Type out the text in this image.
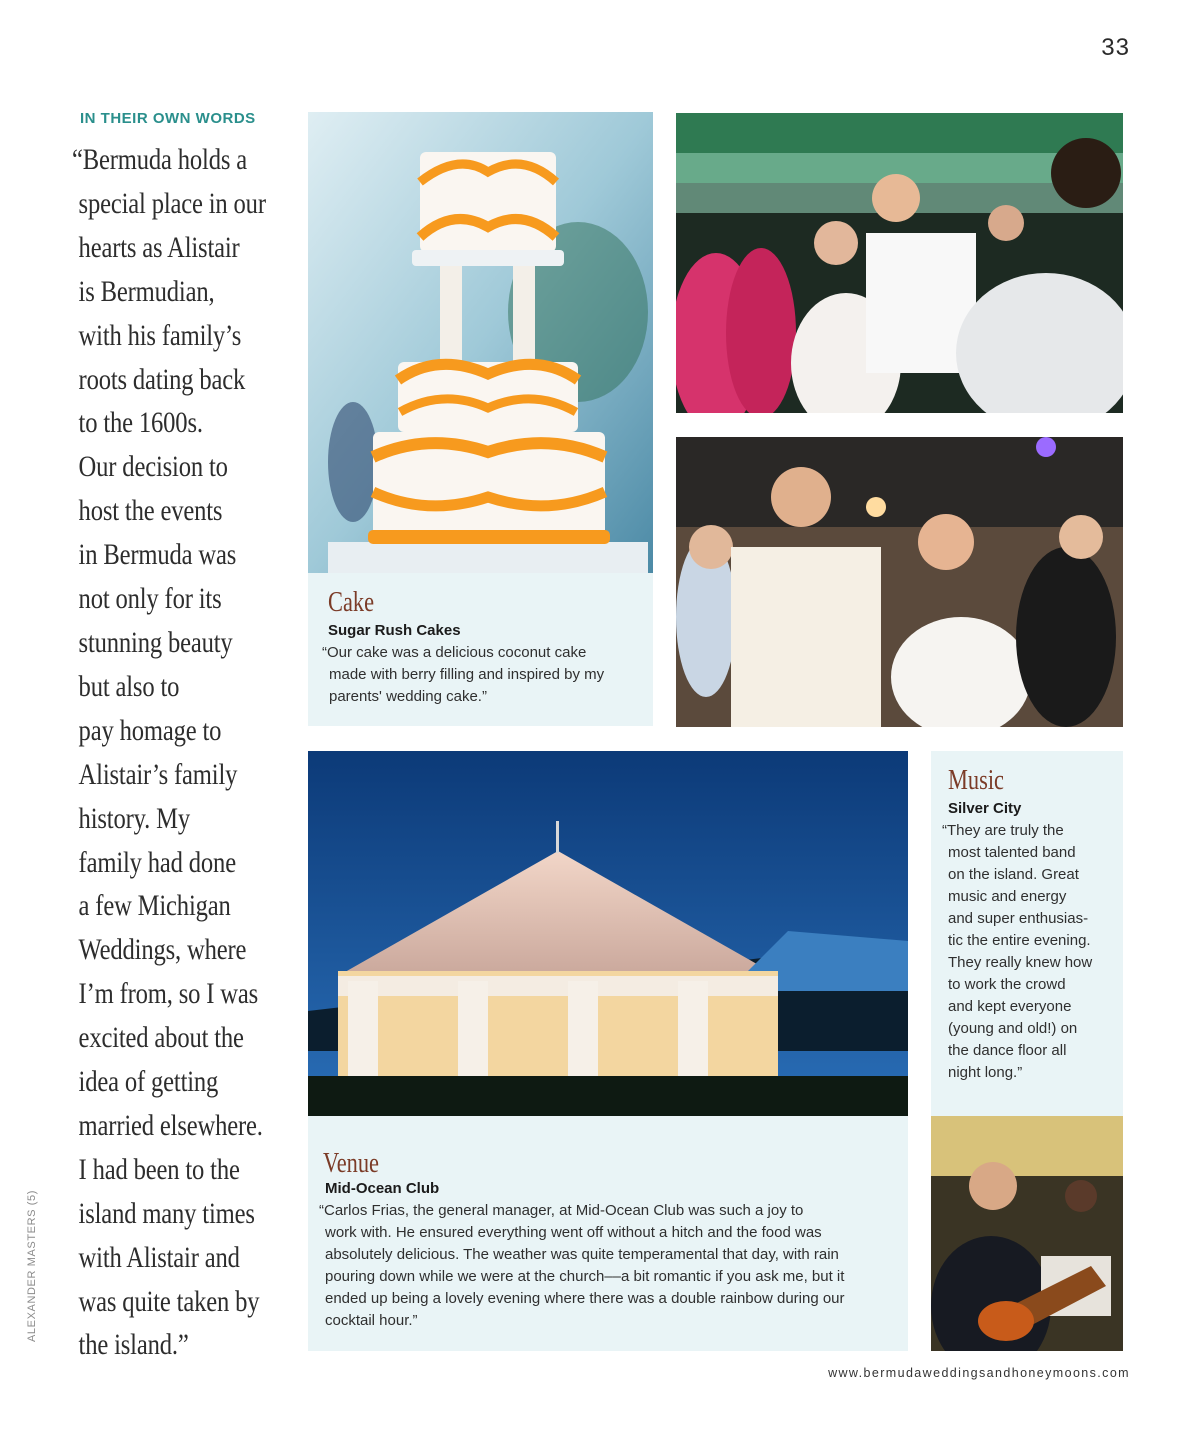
33
IN THEIR OWN WORDS
“Bermuda holds a
special place in our
hearts as Alistair
is Bermudian,
with his family’s
roots dating back
to the 1600s.
Our decision to
host the events
in Bermuda was
not only for its
stunning beauty
but also to
pay homage to
Alistair’s family
history. My
family had done
a few Michigan
Weddings, where
I’m from, so I was
excited about the
idea of getting
married elsewhere.
I had been to the
island many times
with Alistair and
was quite taken by
the island.”
ALEXANDER MASTERS (5)
Cake
Sugar Rush Cakes
“Our cake was a delicious coconut cake
made with berry filling and inspired by my
parents' wedding cake.”
Venue
Mid-Ocean Club
“Carlos Frias, the general manager, at Mid-Ocean Club was such a joy to
work with. He ensured everything went off without a hitch and the food was
absolutely delicious. The weather was quite temperamental that day, with rain
pouring down while we were at the church––a bit romantic if you ask me, but it
ended up being a lovely evening where there was a double rainbow during our
cocktail hour.”
Music
Silver City
“They are truly the
most talented band
on the island. Great
music and energy
and super enthusias-
tic the entire evening.
They really knew how
to work the crowd
and kept everyone
(young and old!) on
the dance floor all
night long.”
www.bermudaweddingsandhoneymoons.com
